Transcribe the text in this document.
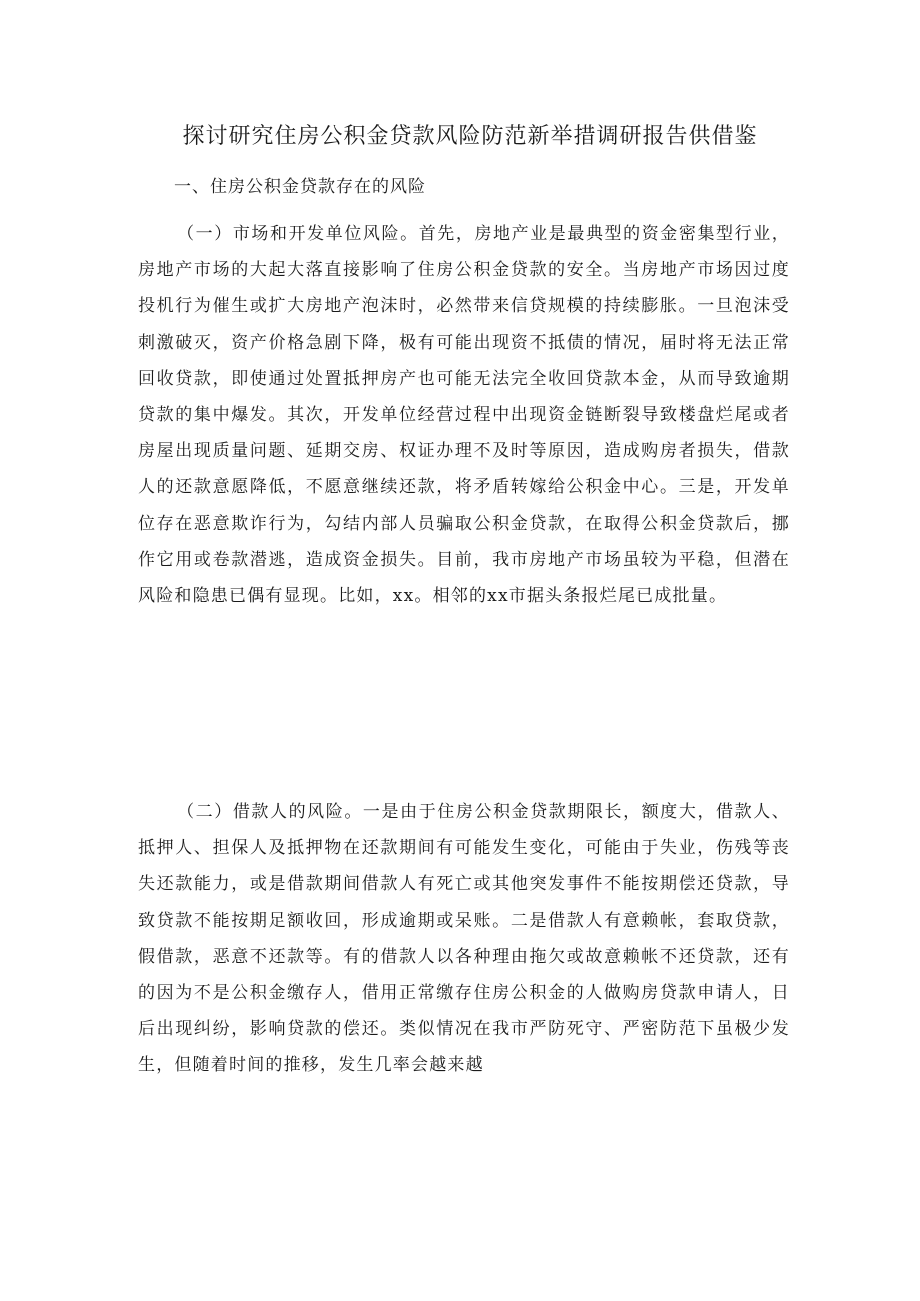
探讨研究住房公积金贷款风险防范新举措调研报告供借鉴
一、住房公积金贷款存在的风险

（一）市场和开发单位风险。首先，房地产业是最典型的资金密集型行业，房地产市场的大起大落直接影响了住房公积金贷款的安全。当房地产市场因过度投机行为催生或扩大房地产泡沫时，必然带来信贷规模的持续膨胀。一旦泡沫受刺激破灭，资产价格急剧下降，极有可能出现资不抵债的情况，届时将无法正常回收贷款，即使通过处置抵押房产也可能无法完全收回贷款本金，从而导致逾期贷款的集中爆发。其次，开发单位经营过程中出现资金链断裂导致楼盘烂尾或者房屋出现质量问题、延期交房、权证办理不及时等原因，造成购房者损失，借款人的还款意愿降低，不愿意继续还款，将矛盾转嫁给公积金中心。三是，开发单位存在恶意欺诈行为，勾结内部人员骗取公积金贷款，在取得公积金贷款后，挪作它用或卷款潜逃，造成资金损失。目前，我市房地产市场虽较为平稳，但潜在风险和隐患已偶有显现。比如，xx。相邻的xx市据头条报烂尾已成批量。

（二）借款人的风险。一是由于住房公积金贷款期限长，额度大，借款人、抵押人、担保人及抵押物在还款期间有可能发生变化，可能由于失业，伤残等丧失还款能力，或是借款期间借款人有死亡或其他突发事件不能按期偿还贷款，导致贷款不能按期足额收回，形成逾期或呆账。二是借款人有意赖帐，套取贷款，假借款，恶意不还款等。有的借款人以各种理由拖欠或故意赖帐不还贷款，还有的因为不是公积金缴存人，借用正常缴存住房公积金的人做购房贷款申请人，日后出现纠纷，影响贷款的偿还。类似情况在我市严防死守、严密防范下虽极少发生，但随着时间的推移，发生几率会越来越
